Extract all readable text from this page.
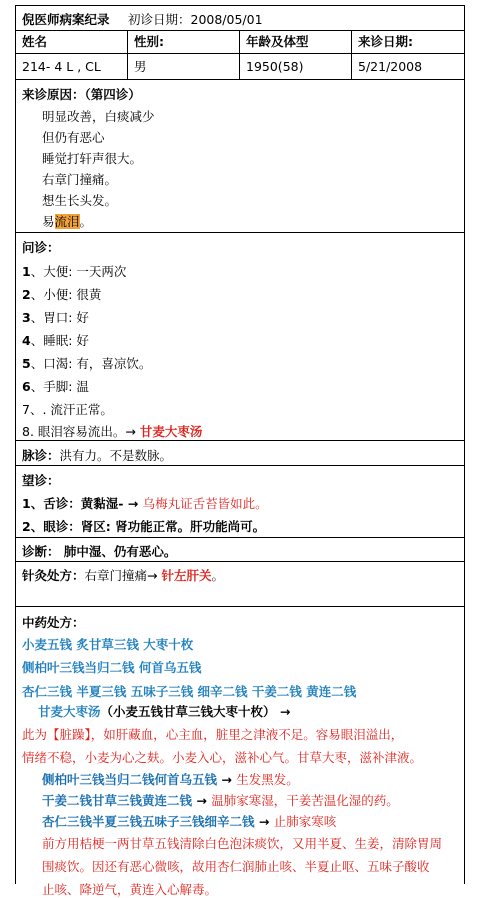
倪医师病案纪录 初诊日期：2008/05/01
姓名	性别:	年龄及体型	来诊日期:
214- 4 L , CL	男	1950(58)	5/21/2008
来诊原因：（第四诊）
明显改善，白痰减少
但仍有恶心
睡觉打轩声很大。
右章门撞痛。
想生长头发。
易流泪。
问诊：
1、大便: 一天两次
2、小便: 很黄
3、胃口: 好
4、睡眠: 好
5、口渴: 有，喜凉饮。
6、手脚: 温
7、. 流汗正常。
8. 眼泪容易流出。→ 甘麦大枣汤
脉诊：洪有力。不是数脉。
望诊：
1、舌诊：黄黏湿- → 乌梅丸证舌苔皆如此。
2、眼诊：肾区: 肾功能正常。肝功能尚可。
诊断： 肺中湿、仍有恶心。
针灸处方：右章门撞痛→ 针左肝关。
中药处方：
小麦五钱 炙甘草三钱 大枣十枚
侧柏叶三钱当归二钱 何首乌五钱
杏仁三钱 半夏三钱 五味子三钱 细辛二钱 干姜二钱 黄连二钱
甘麦大枣汤（小麦五钱甘草三钱大枣十枚） →
此为【脏躁】，如肝藏血，心主血，脏里之津液不足。容易眼泪溢出，
情绪不稳，小麦为心之麸。小麦入心，滋补心气。甘草大枣，滋补津液。
侧柏叶三钱当归二钱何首乌五钱 → 生发黑发。
干姜二钱甘草三钱黄连二钱 → 温肺家寒湿，干姜苦温化湿的药。
杏仁三钱半夏三钱五味子三钱细辛二钱 → 止肺家寒咳
前方用桔梗一两甘草五钱清除白色泡沫痰饮，又用半夏、生姜，清除胃周
围痰饮。因还有恶心微咳，故用杏仁润肺止咳、半夏止呕、五味子酸收
止咳、降逆气，黄连入心解毒。
